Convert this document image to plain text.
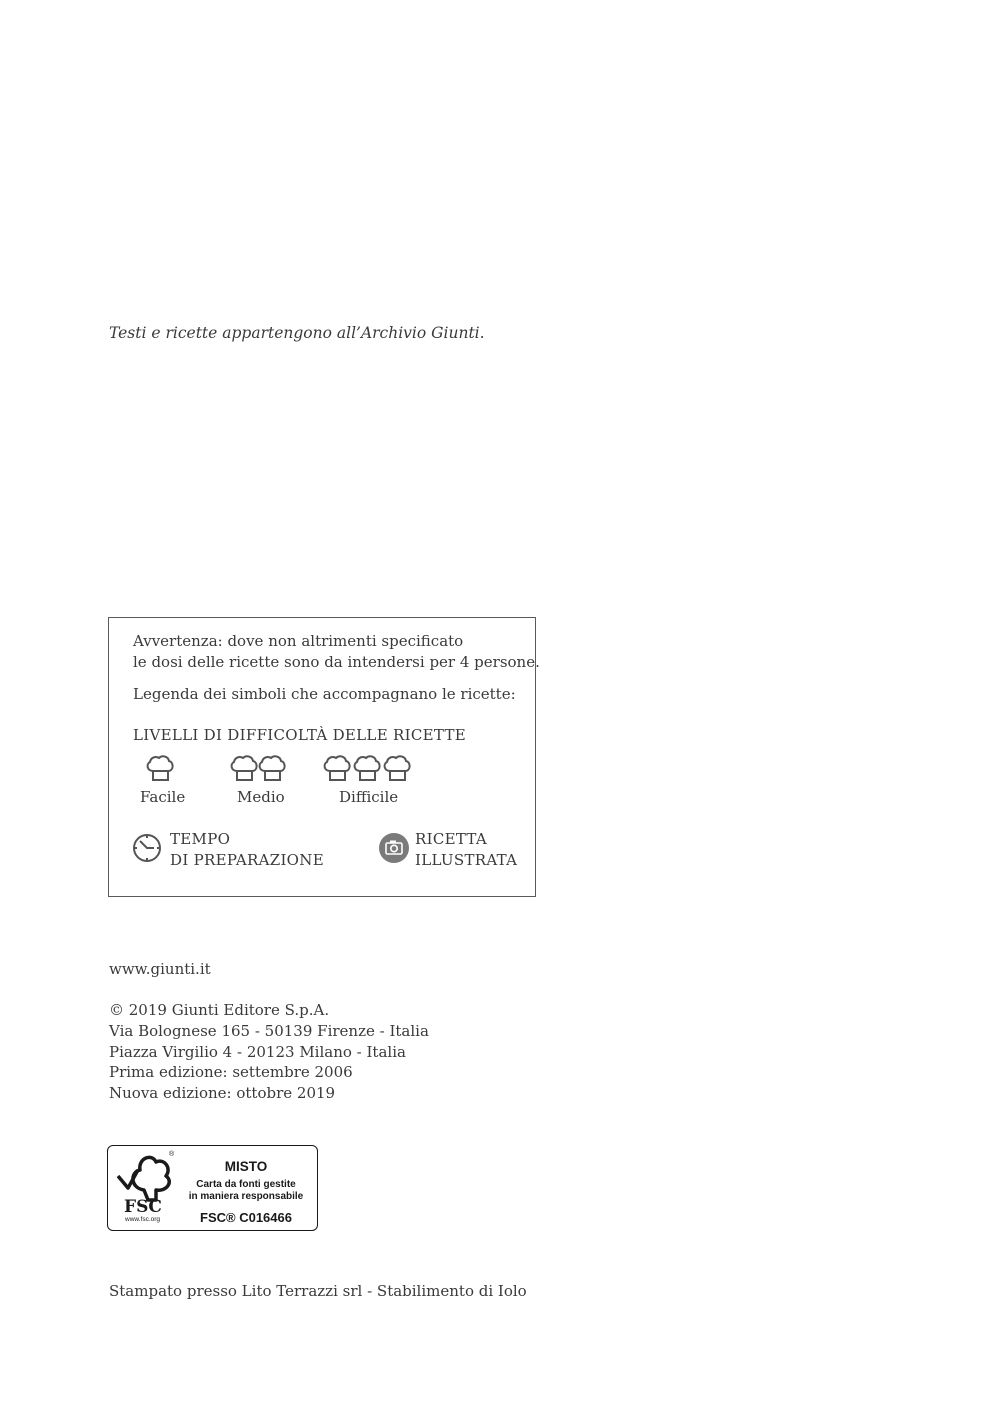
Testi e ricette appartengono all’Archivio Giunti.
Avvertenza: dove non altrimenti specificato
le dosi delle ricette sono da intendersi per 4 persone.
Legenda dei simboli che accompagnano le ricette:
LIVELLI DI DIFFICOLTÀ DELLE RICETTE
Facile	Medio	Difficile
TEMPO
DI PREPARAZIONE
RICETTA
ILLUSTRATA
www.giunti.it
© 2019 Giunti Editore S.p.A.
Via Bolognese 165 - 50139 Firenze - Italia
Piazza Virgilio 4 - 20123 Milano - Italia
Prima edizione: settembre 2006
Nuova edizione: ottobre 2019
®
FSC
www.fsc.org
MISTO
Carta da fonti gestite
in maniera responsabile
FSC® C016466
Stampato presso Lito Terrazzi srl - Stabilimento di Iolo
